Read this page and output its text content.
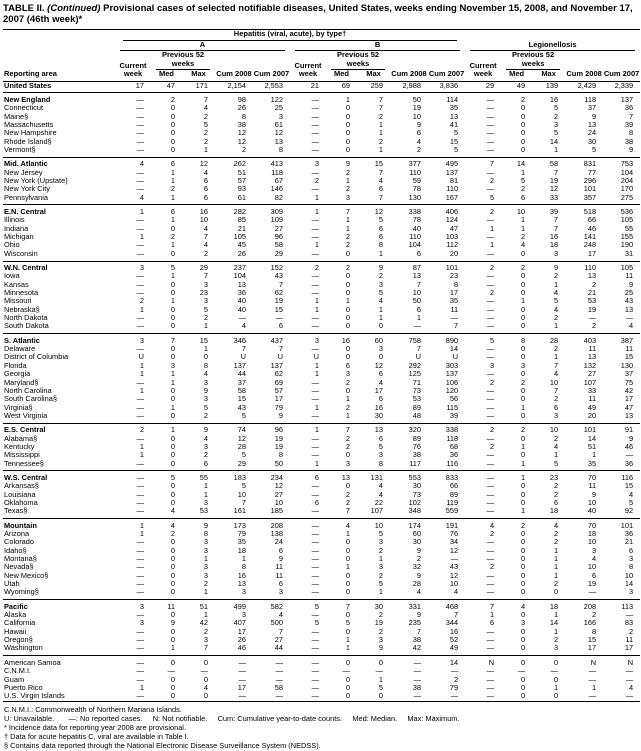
TABLE II. (Continued) Provisional cases of selected notifiable diseases, United States, weeks ending November 15, 2008, and November 17, 2007 (46th week)*
Reporting area	Hepatitis (viral, acute), by type†														

	A					B					Legionellosis				

	Current week	Previous 52 weeks		Cum 2008	Cum 2007	Current week	Previous 52 weeks		Cum 2008	Cum 2007	Current week	Previous 52 weeks		Cum 2008	Cum 2007
		Med	Max				Med	Max				Med	Max		
United States	17	47	171	2,154	2,553	21	69	259	2,988	3,836	29	49	139	2,429	2,339
New England	—	2	7	98	122	—	1	7	50	114	—	2	16	118	137
Connecticut	—	0	4	26	25	—	0	7	19	35	—	0	5	37	36
Maine§	—	0	2	8	3	—	0	2	10	13	—	0	2	9	7
Massachusetts	—	0	5	38	61	—	0	1	9	41	—	0	3	13	39
New Hampshire	—	0	2	12	12	—	0	1	6	5	—	0	5	24	8
Rhode Island§	—	0	2	12	13	—	0	2	4	15	—	0	14	30	38
Vermont§	—	0	1	2	8	—	0	1	2	5	—	0	1	5	9
Mid. Atlantic	4	6	12	262	413	3	9	15	377	495	7	14	58	831	753
New Jersey	—	1	4	51	118	—	2	7	110	137	—	1	7	77	104
New York (Upstate)	—	1	6	57	67	2	1	4	59	81	2	5	19	296	204
New York City	—	2	6	93	146	—	2	6	78	110	—	2	12	101	170
Pennsylvania	4	1	6	61	82	1	3	7	130	167	5	6	33	357	275
E.N. Central	1	6	16	282	309	1	7	12	338	406	2	10	39	518	536
Illinois	—	1	10	85	109	—	1	5	78	124	—	1	7	66	105
Indiana	—	0	4	21	27	—	1	6	40	47	1	1	7	46	55
Michigan	1	2	7	105	96	—	2	6	110	103	—	2	16	141	155
Ohio	—	1	4	45	58	1	2	8	104	112	1	4	18	248	190
Wisconsin	—	0	2	26	29	—	0	1	6	20	—	0	3	17	31
W.N. Central	3	5	29	237	152	2	2	9	87	101	2	2	9	110	105
Iowa	—	1	7	104	43	—	0	2	13	23	—	0	2	13	11
Kansas	—	0	3	13	7	—	0	3	7	8	—	0	1	2	9
Minnesota	—	0	23	36	62	—	0	5	10	17	2	0	4	21	25
Missouri	2	1	3	40	19	1	1	4	50	35	—	1	5	53	43
Nebraska§	1	0	5	40	15	1	0	1	6	11	—	0	4	19	13
North Dakota	—	0	2	—	—	—	0	1	1	—	—	0	2	—	—
South Dakota	—	0	1	4	6	—	0	0	—	7	—	0	1	2	4
S. Atlantic	3	7	15	346	437	3	16	60	758	890	5	8	28	403	387
Delaware	—	0	1	7	7	—	0	3	7	14	—	0	2	11	11
District of Columbia	U	0	0	U	U	U	0	0	U	U	—	0	1	13	15
Florida	1	3	8	137	137	1	6	12	292	303	3	3	7	132	130
Georgia	1	1	4	44	62	1	3	6	125	137	—	0	4	27	37
Maryland§	—	1	3	37	69	—	2	4	71	106	2	2	10	107	75
North Carolina	1	0	9	58	57	—	0	17	73	120	—	0	7	33	42
South Carolina§	—	0	3	15	17	—	1	6	53	56	—	0	2	11	17
Virginia§	—	1	5	43	79	1	2	16	89	115	—	1	6	49	47
West Virginia	—	0	2	5	9	—	1	30	48	39	—	0	3	20	13
E.S. Central	2	1	9	74	96	1	7	13	320	338	2	2	10	101	91
Alabama§	—	0	4	12	19	—	2	6	89	118	—	0	2	14	9
Kentucky	1	0	3	28	19	—	2	5	76	68	2	1	4	51	46
Mississippi	1	0	2	5	8	—	0	3	38	36	—	0	1	1	—
Tennessee§	—	0	6	29	50	1	3	8	117	116	—	1	5	35	36
W.S. Central	—	5	55	183	234	6	13	131	553	833	—	1	23	70	116
Arkansas§	—	0	1	5	12	—	0	4	30	66	—	0	2	11	15
Louisiana	—	0	1	10	27	—	2	4	73	89	—	0	2	9	4
Oklahoma	—	0	3	7	10	6	2	22	102	119	—	0	6	10	5
Texas§	—	4	53	161	185	—	7	107	348	559	—	1	18	40	92
Mountain	1	4	9	173	208	—	4	10	174	191	4	2	4	70	101
Arizona	1	2	8	79	138	—	1	5	60	76	2	0	2	18	36
Colorado	—	0	3	35	24	—	0	3	30	34	—	0	2	10	21
Idaho§	—	0	3	18	6	—	0	2	9	12	—	0	1	3	6
Montana§	—	0	1	1	9	—	0	1	2	—	—	0	1	4	3
Nevada§	—	0	3	8	11	—	1	3	32	43	2	0	1	10	8
New Mexico§	—	0	3	16	11	—	0	2	9	12	—	0	1	6	10
Utah	—	0	2	13	6	—	0	5	28	10	—	0	2	19	14
Wyoming§	—	0	1	3	3	—	0	1	4	4	—	0	0	—	3
Pacific	3	11	51	499	582	5	7	30	331	468	7	4	18	208	113
Alaska	—	0	1	3	4	—	0	2	9	7	1	0	1	2	—
California	3	9	42	407	500	5	5	19	235	344	6	3	14	166	83
Hawaii	—	0	2	17	7	—	0	2	7	16	—	0	1	8	2
Oregon§	—	0	3	26	27	—	1	3	38	52	—	0	2	15	11
Washington	—	1	7	46	44	—	1	9	42	49	—	0	3	17	17
American Samoa	—	0	0	—	—	—	0	0	—	14	N	0	0	N	N
C.N.M.I.	—	—	—	—	—	—	—	—	—	—	—	—	—	—	—
Guam	—	0	0	—	—	—	0	1	—	2	—	0	0	—	—
Puerto Rico	1	0	4	17	58	—	0	5	38	79	—	0	1	1	4
U.S. Virgin Islands	—	0	0	—	—	—	0	0	—	—	—	0	0	—	—
C.N.M.I.: Commonwealth of Northern Mariana Islands.
U: Unavailable.       —: No reported cases.     N: Not notifiable.     Cum: Cumulative year-to-date counts.     Med: Median.     Max: Maximum.
* Incidence data for reporting year 2008 are provisional.
† Data for acute hepatitis C, viral are available in Table I.
§ Contains data reported through the National Electronic Disease Surveillance System (NEDSS).
